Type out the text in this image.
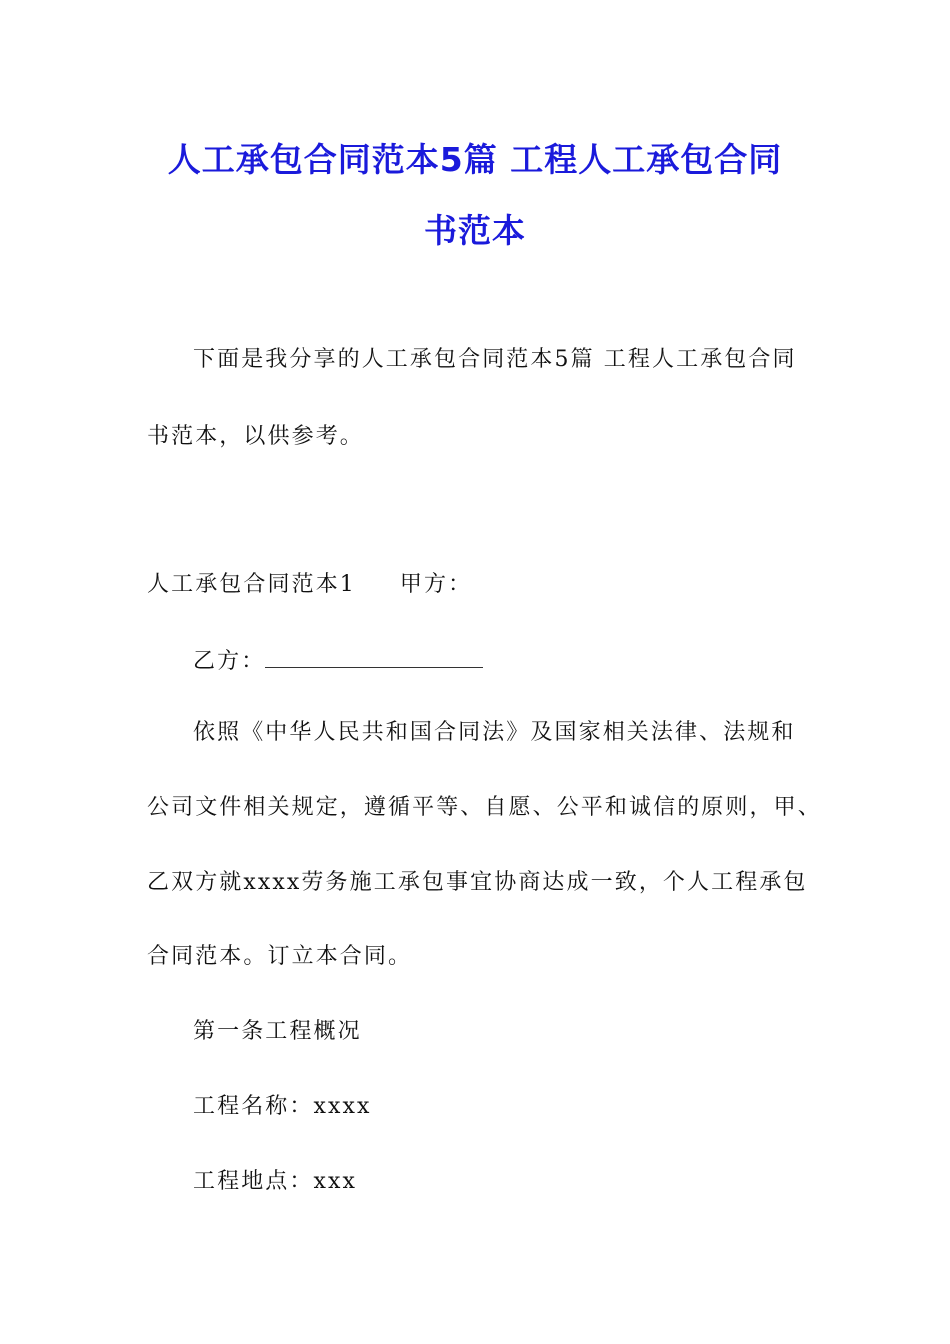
人工承包合同范本5篇 工程人工承包合同
书范本
下面是我分享的人工承包合同范本5篇 工程人工承包合同
书范本，以供参考。
人工承包合同范本1 甲方：
乙方：
依照《中华人民共和国合同法》及国家相关法律、法规和
公司文件相关规定，遵循平等、自愿、公平和诚信的原则，甲、
乙双方就xxxx劳务施工承包事宜协商达成一致，个人工程承包
合同范本。订立本合同。
第一条工程概况
工程名称：xxxx
工程地点：xxx
